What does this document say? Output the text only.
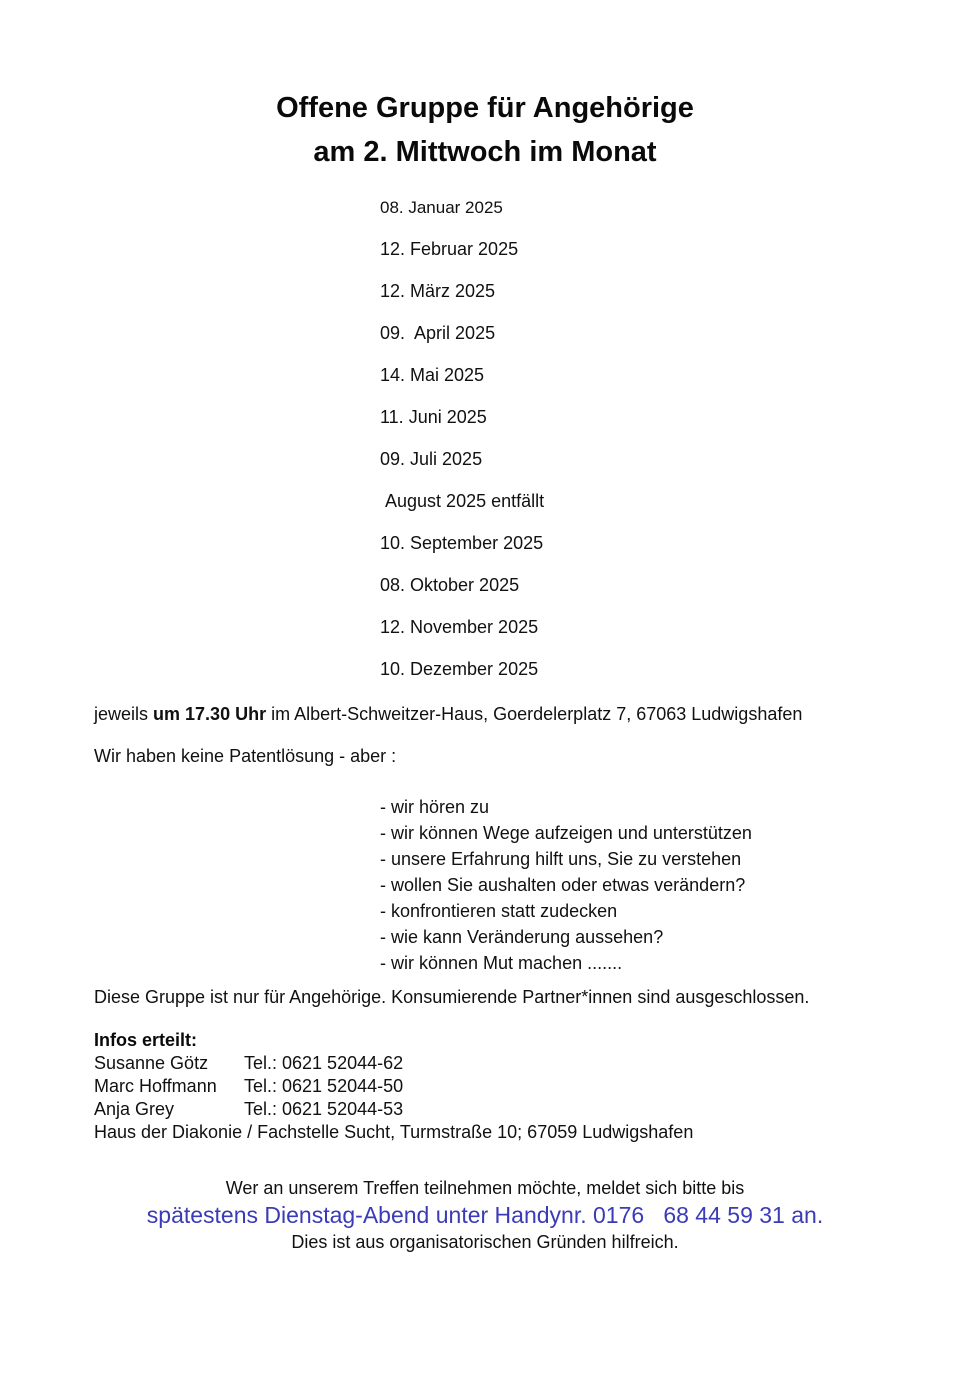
Offene Gruppe für Angehörige
am 2. Mittwoch im Monat
08. Januar 2025
12. Februar 2025
12. März 2025
09.  April 2025
14. Mai 2025
11. Juni 2025
09. Juli 2025
August 2025 entfällt
10. September 2025
08. Oktober 2025
12. November 2025
10. Dezember 2025
jeweils um 17.30 Uhr im Albert-Schweitzer-Haus, Goerdelerplatz 7, 67063 Ludwigshafen
Wir haben keine Patentlösung - aber :
- wir hören zu
- wir können Wege aufzeigen und unterstützen
- unsere Erfahrung hilft uns, Sie zu verstehen
- wollen Sie aushalten oder etwas verändern?
- konfrontieren statt zudecken
- wie kann Veränderung aussehen?
- wir können Mut machen .......
Diese Gruppe ist nur für Angehörige. Konsumierende Partner*innen sind ausgeschlossen.
Infos erteilt:
Susanne Götz	Tel.: 0621 52044-62
Marc Hoffmann	Tel.: 0621 52044-50
Anja Grey	Tel.: 0621 52044-53
Haus der Diakonie / Fachstelle Sucht, Turmstraße 10; 67059 Ludwigshafen
Wer an unserem Treffen teilnehmen möchte, meldet sich bitte bis
spätestens Dienstag-Abend unter Handynr. 0176   68 44 59 31 an.
Dies ist aus organisatorischen Gründen hilfreich.
